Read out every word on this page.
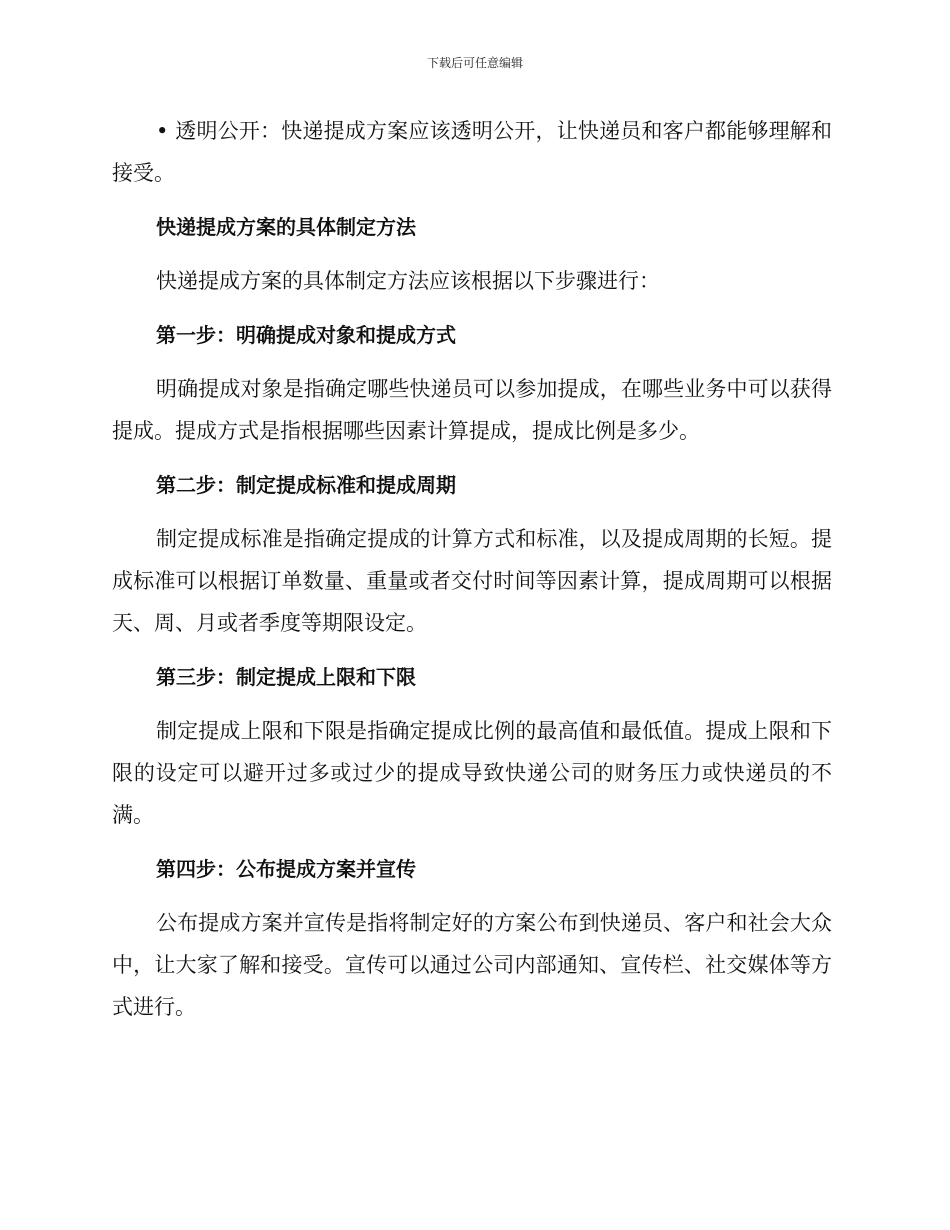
下载后可任意编辑

• 透明公开：快递提成方案应该透明公开，让快递员和客户都能够理解和接受。

快递提成方案的具体制定方法

快递提成方案的具体制定方法应该根据以下步骤进行：

第一步：明确提成对象和提成方式

明确提成对象是指确定哪些快递员可以参加提成，在哪些业务中可以获得提成。提成方式是指根据哪些因素计算提成，提成比例是多少。

第二步：制定提成标准和提成周期

制定提成标准是指确定提成的计算方式和标准，以及提成周期的长短。提成标准可以根据订单数量、重量或者交付时间等因素计算，提成周期可以根据天、周、月或者季度等期限设定。

第三步：制定提成上限和下限

制定提成上限和下限是指确定提成比例的最高值和最低值。提成上限和下限的设定可以避开过多或过少的提成导致快递公司的财务压力或快递员的不满。

第四步：公布提成方案并宣传

公布提成方案并宣传是指将制定好的方案公布到快递员、客户和社会大众中，让大家了解和接受。宣传可以通过公司内部通知、宣传栏、社交媒体等方式进行。
